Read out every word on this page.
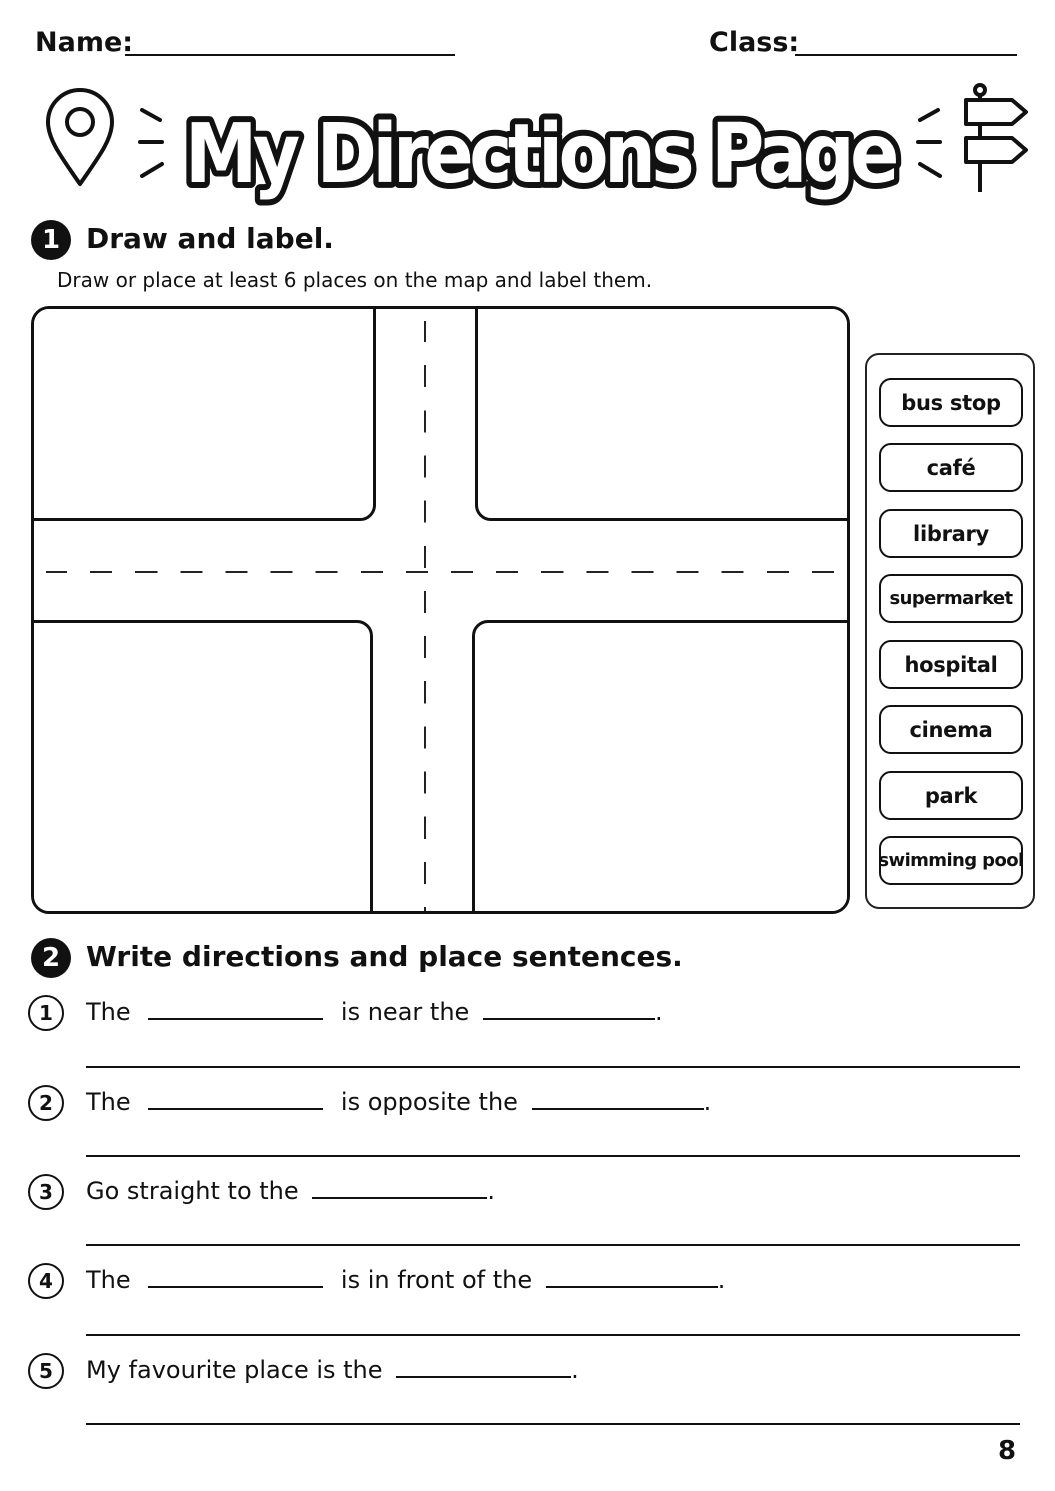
Name:	Class:
My Directions Page
1 Draw and label.
Draw or place at least 6 places on the map and label them.
bus stop
café
library
supermarket
hospital
cinema
park
swimming pool
2 Write directions and place sentences.
1	The	is near the	.
2	The	is opposite the	.
3	Go straight to the	.
4	The	is in front of the	.
5	My favourite place is the	.
8
